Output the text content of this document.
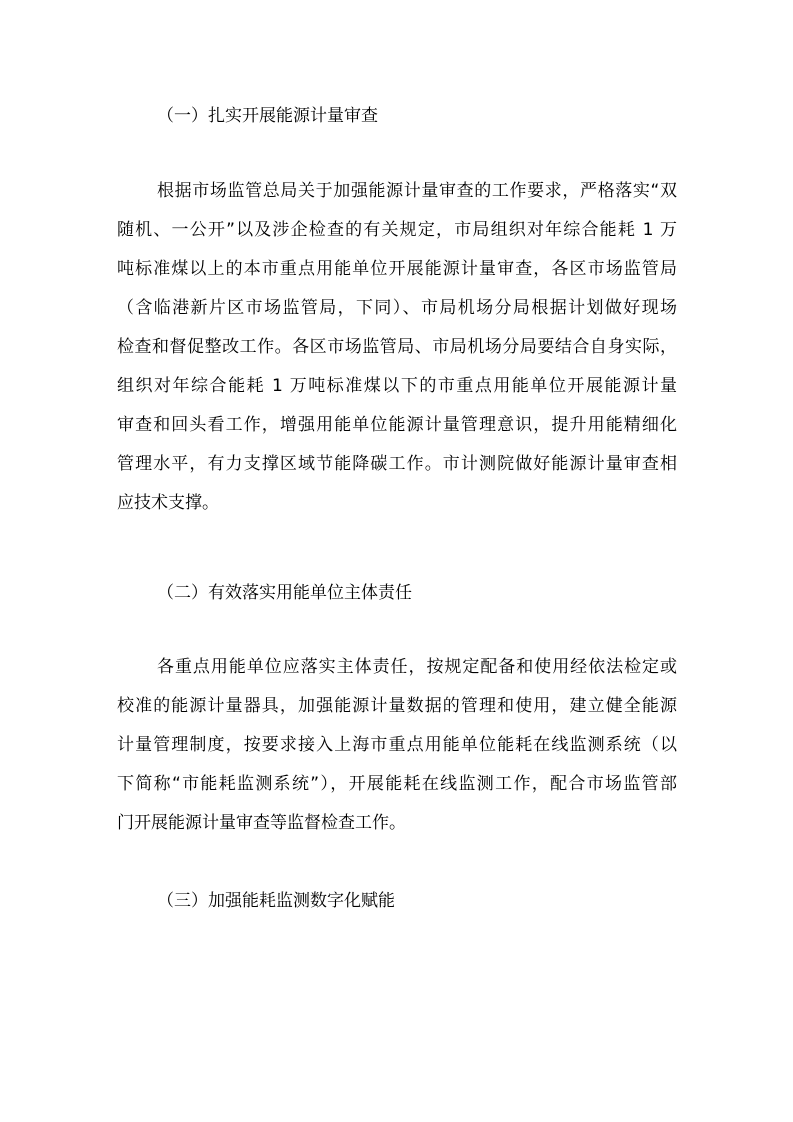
（一）扎实开展能源计量审查
根据市场监管总局关于加强能源计量审查的工作要求，严格落实“双
随机、一公开”以及涉企检查的有关规定，市局组织对年综合能耗 1 万
吨标准煤以上的本市重点用能单位开展能源计量审查，各区市场监管局
（含临港新片区市场监管局，下同）、市局机场分局根据计划做好现场
检查和督促整改工作。各区市场监管局、市局机场分局要结合自身实际，
组织对年综合能耗 1 万吨标准煤以下的市重点用能单位开展能源计量
审查和回头看工作，增强用能单位能源计量管理意识，提升用能精细化
管理水平，有力支撑区域节能降碳工作。市计测院做好能源计量审查相
应技术支撑。
（二）有效落实用能单位主体责任
各重点用能单位应落实主体责任，按规定配备和使用经依法检定或
校准的能源计量器具，加强能源计量数据的管理和使用，建立健全能源
计量管理制度，按要求接入上海市重点用能单位能耗在线监测系统（以
下简称“市能耗监测系统”），开展能耗在线监测工作，配合市场监管部
门开展能源计量审查等监督检查工作。
（三）加强能耗监测数字化赋能
